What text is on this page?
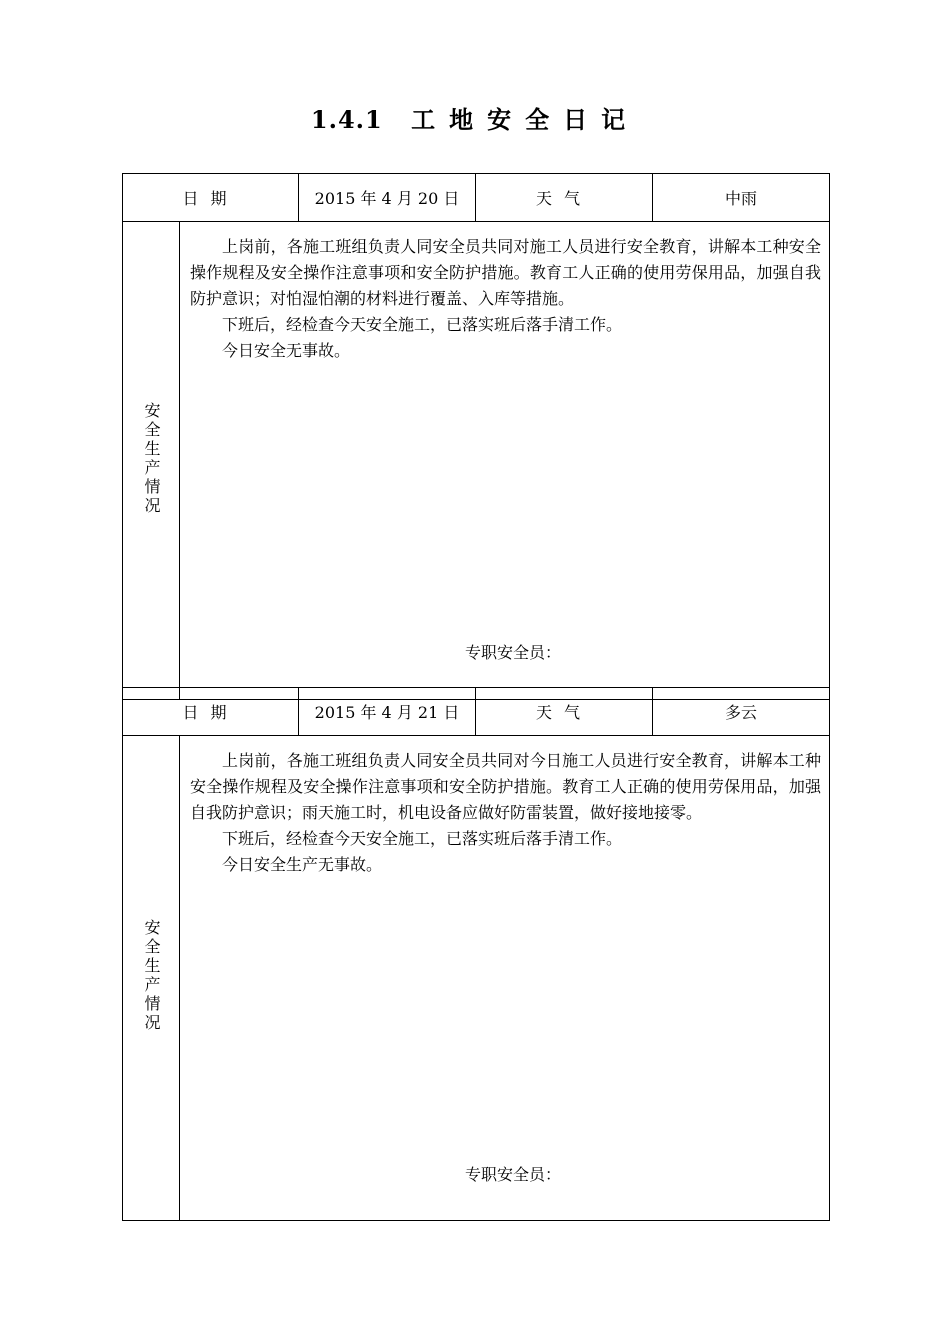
1.4.1 工地安全日记
日期		2015 年 4 月 20 日	天气	中雨
安全生产情况	上岗前，各施工班组负责人同安全员共同对施工人员进行安全教育，讲解本工种安全操作规程及安全操作注意事项和安全防护措施。教育工人正确的使用劳保用品，加强自我防护意识；对怕湿怕潮的材料进行覆盖、入库等措施。

下班后，经检查今天安全施工，已落实班后落手清工作。

今日安全无事故。

专职安全员：			
日期		2015 年 4 月 21 日	天气	多云
安全生产情况	上岗前，各施工班组负责人同安全员共同对今日施工人员进行安全教育，讲解本工种安全操作规程及安全操作注意事项和安全防护措施。教育工人正确的使用劳保用品，加强自我防护意识；雨天施工时，机电设备应做好防雷装置，做好接地接零。

下班后，经检查今天安全施工，已落实班后落手清工作。

今日安全生产无事故。

专职安全员：			
